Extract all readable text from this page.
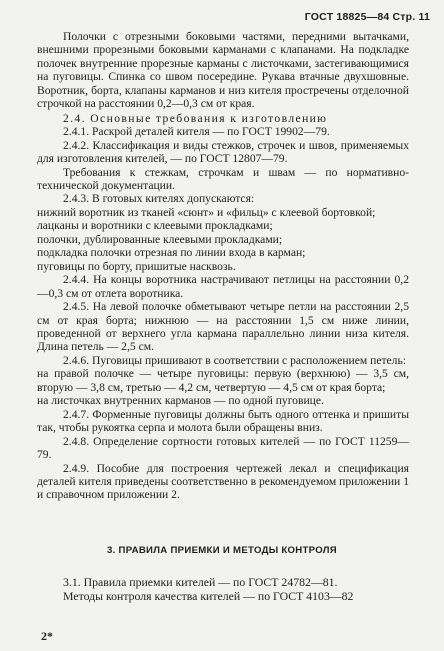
ГОСТ 18825—84 Стр. 11

Полочки с отрезными боковыми частями, передними вытачками, внешними прорезными боковыми карманами с клапанами. На подкладке полочек внутренние прорезные карманы с листочками, застегивающимися на пуговицы. Спинка со швом посередине. Рукава втачные двухшовные. Воротник, борта, клапаны карманов и низ кителя простречены отделочной строчкой на расстоянии 0,2—0,3 см от края.

2.4. Основные требования к изготовлению

2.4.1. Раскрой деталей кителя — по ГОСТ 19902—79.

2.4.2. Классификация и виды стежков, строчек и швов, применяемых для изготовления кителей, — по ГОСТ 12807—79.

Требования к стежкам, строчкам и швам — по нормативно-технической документации.

2.4.3. В готовых кителях допускаются:

нижний воротник из тканей «сюнт» и «фильц» с клеевой бортовкой;

лацканы и воротники с клеевыми прокладками;

полочки, дублированные клеевыми прокладками;

подкладка полочки отрезная по линии входа в карман;

пуговицы по борту, пришитые насквозь.

2.4.4. На концы воротника настрачивают петлицы на расстоянии 0,2—0,3 см от отлета воротника.

2.4.5. На левой полочке обметывают четыре петли на расстоянии 2,5 см от края борта; нижнюю — на расстоянии 1,5 см ниже линии, проведенной от верхнего угла кармана параллельно линии низа кителя. Длина петель — 2,5 см.

2.4.6. Пуговицы пришивают в соответствии с расположением петель:

на правой полочке — четыре пуговицы: первую (верхнюю) — 3,5 см, вторую — 3,8 см, третью — 4,2 см, четвертую — 4,5 см от края борта;

на листочках внутренних карманов — по одной пуговице.

2.4.7. Форменные пуговицы должны быть одного оттенка и пришиты так, чтобы рукоятка серпа и молота были обращены вниз.

2.4.8. Определение сортности готовых кителей — по ГОСТ 11259—79.

2.4.9. Пособие для построения чертежей лекал и спецификация деталей кителя приведены соответственно в рекомендуемом приложении 1 и справочном приложении 2.

3. ПРАВИЛА ПРИЕМКИ И МЕТОДЫ КОНТРОЛЯ

3.1. Правила приемки кителей — по ГОСТ 24782—81.

Методы контроля качества кителей — по ГОСТ 4103—82

2*
